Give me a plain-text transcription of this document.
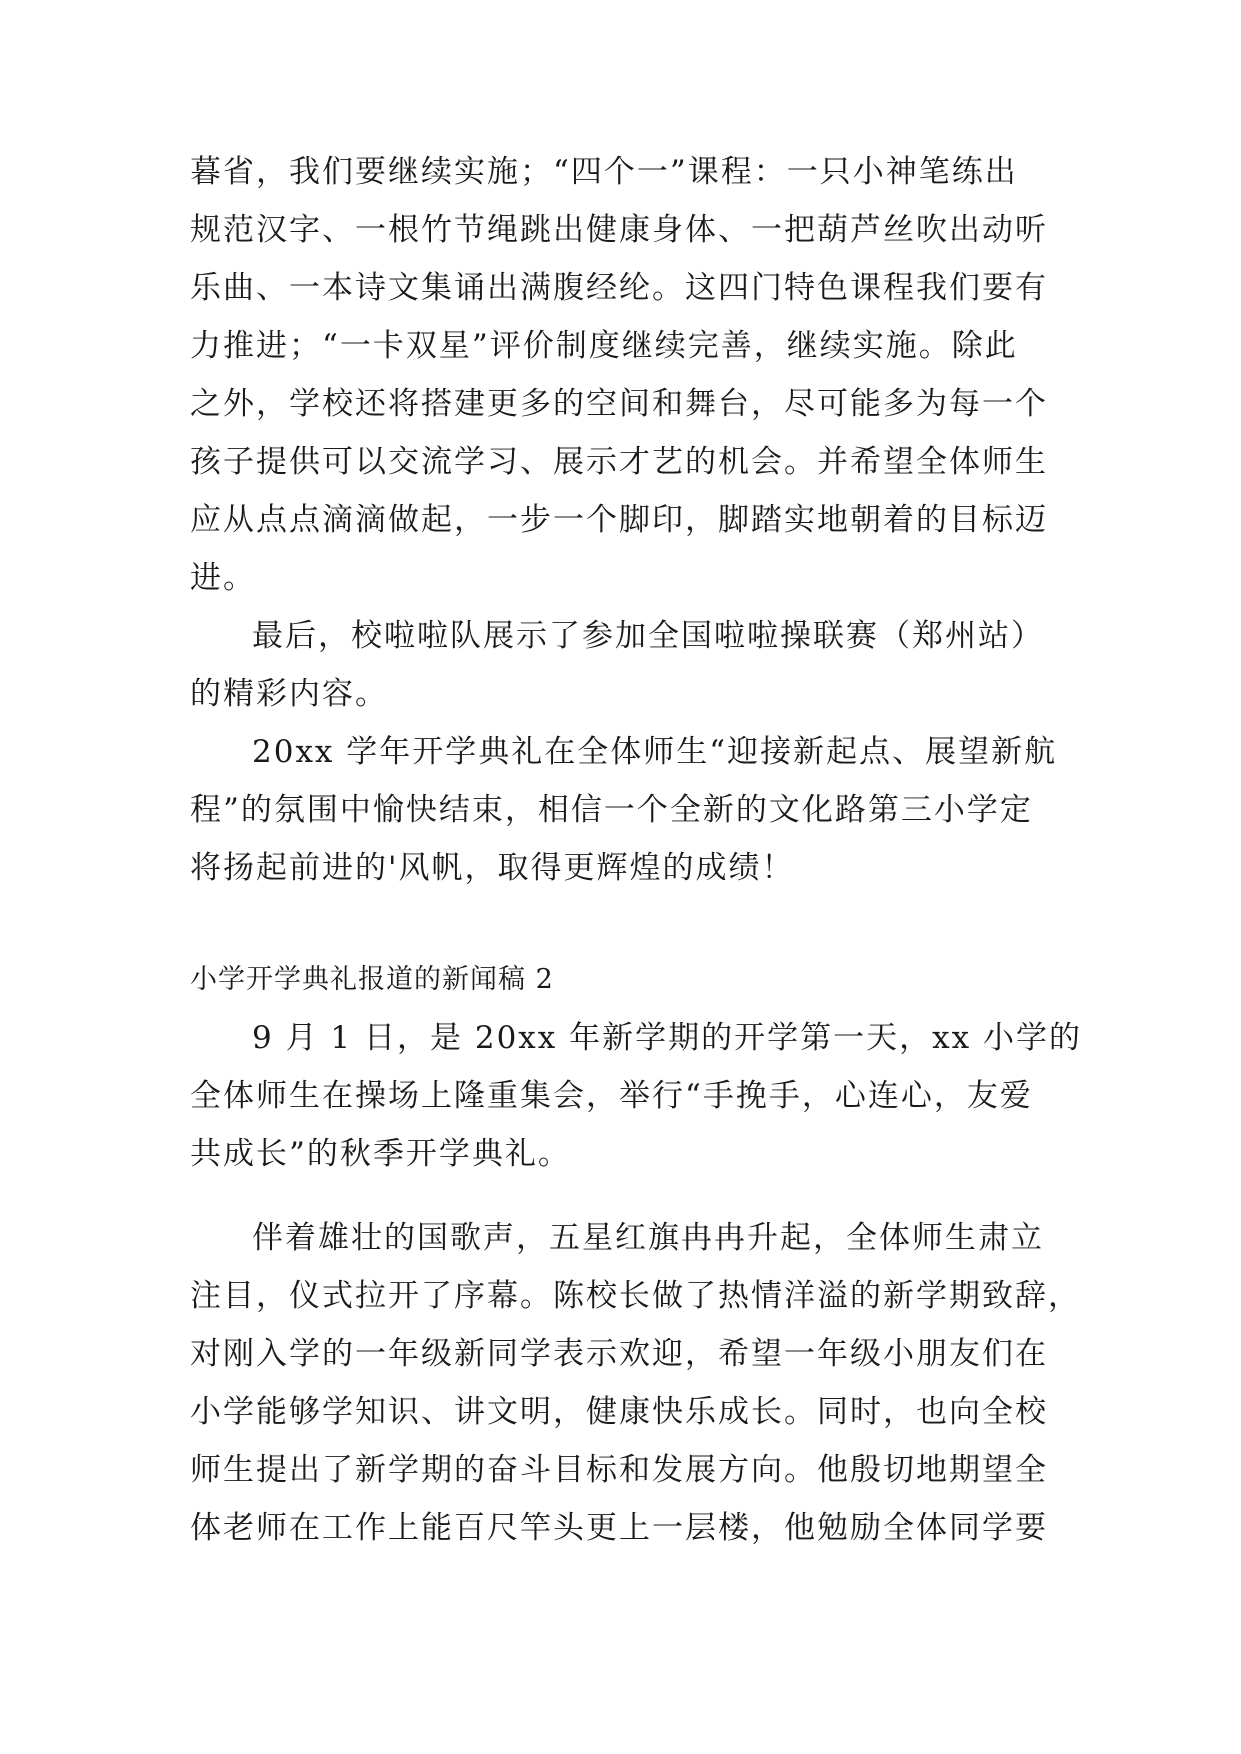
暮省，我们要继续实施；“四个一”课程：一只小神笔练出
规范汉字、一根竹节绳跳出健康身体、一把葫芦丝吹出动听
乐曲、一本诗文集诵出满腹经纶。这四门特色课程我们要有
力推进；“一卡双星”评价制度继续完善，继续实施。除此
之外，学校还将搭建更多的空间和舞台，尽可能多为每一个
孩子提供可以交流学习、展示才艺的机会。并希望全体师生
应从点点滴滴做起，一步一个脚印，脚踏实地朝着的目标迈
进。
最后，校啦啦队展示了参加全国啦啦操联赛（郑州站）
的精彩内容。
20xx 学年开学典礼在全体师生“迎接新起点、展望新航
程”的氛围中愉快结束，相信一个全新的文化路第三小学定
将扬起前进的'风帆，取得更辉煌的成绩！
小学开学典礼报道的新闻稿 2
9 月 1 日，是 20xx 年新学期的开学第一天，xx 小学的
全体师生在操场上隆重集会，举行“手挽手，心连心，友爱
共成长”的秋季开学典礼。
伴着雄壮的国歌声，五星红旗冉冉升起，全体师生肃立
注目，仪式拉开了序幕。陈校长做了热情洋溢的新学期致辞，
对刚入学的一年级新同学表示欢迎，希望一年级小朋友们在
小学能够学知识、讲文明，健康快乐成长。同时，也向全校
师生提出了新学期的奋斗目标和发展方向。他殷切地期望全
体老师在工作上能百尺竿头更上一层楼，他勉励全体同学要
